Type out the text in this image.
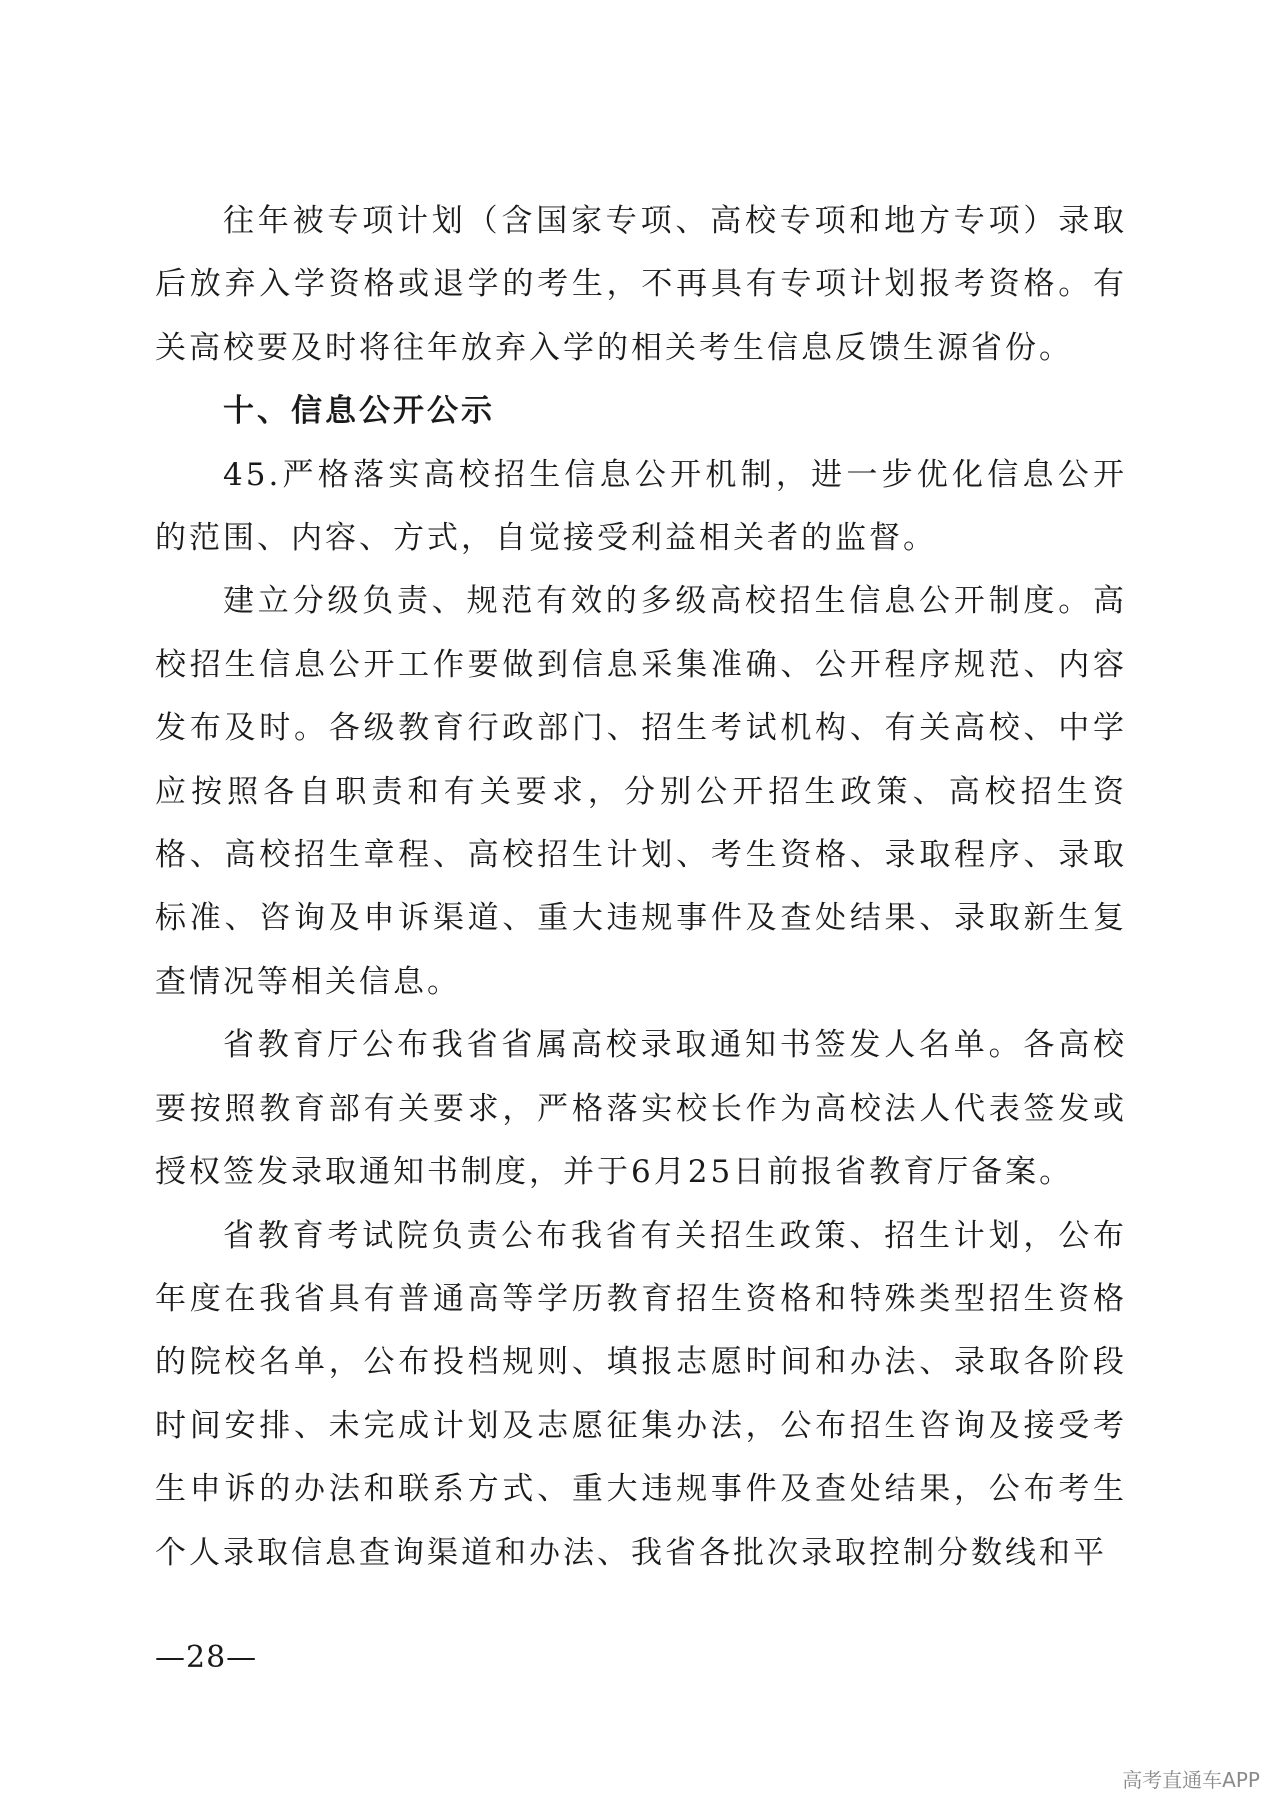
往年被专项计划（含国家专项、高校专项和地方专项）录取后放弃入学资格或退学的考生，不再具有专项计划报考资格。有关高校要及时将往年放弃入学的相关考生信息反馈生源省份。

十、信息公开公示

45.严格落实高校招生信息公开机制，进一步优化信息公开的范围、内容、方式，自觉接受利益相关者的监督。

建立分级负责、规范有效的多级高校招生信息公开制度。高校招生信息公开工作要做到信息采集准确、公开程序规范、内容发布及时。各级教育行政部门、招生考试机构、有关高校、中学应按照各自职责和有关要求，分别公开招生政策、高校招生资格、高校招生章程、高校招生计划、考生资格、录取程序、录取标准、咨询及申诉渠道、重大违规事件及查处结果、录取新生复查情况等相关信息。

省教育厅公布我省省属高校录取通知书签发人名单。各高校要按照教育部有关要求，严格落实校长作为高校法人代表签发或授权签发录取通知书制度，并于6月25日前报省教育厅备案。

省教育考试院负责公布我省有关招生政策、招生计划，公布年度在我省具有普通高等学历教育招生资格和特殊类型招生资格的院校名单，公布投档规则、填报志愿时间和办法、录取各阶段时间安排、未完成计划及志愿征集办法，公布招生咨询及接受考生申诉的办法和联系方式、重大违规事件及查处结果，公布考生个人录取信息查询渠道和办法、我省各批次录取控制分数线和平

—28—
高考直通车APP
